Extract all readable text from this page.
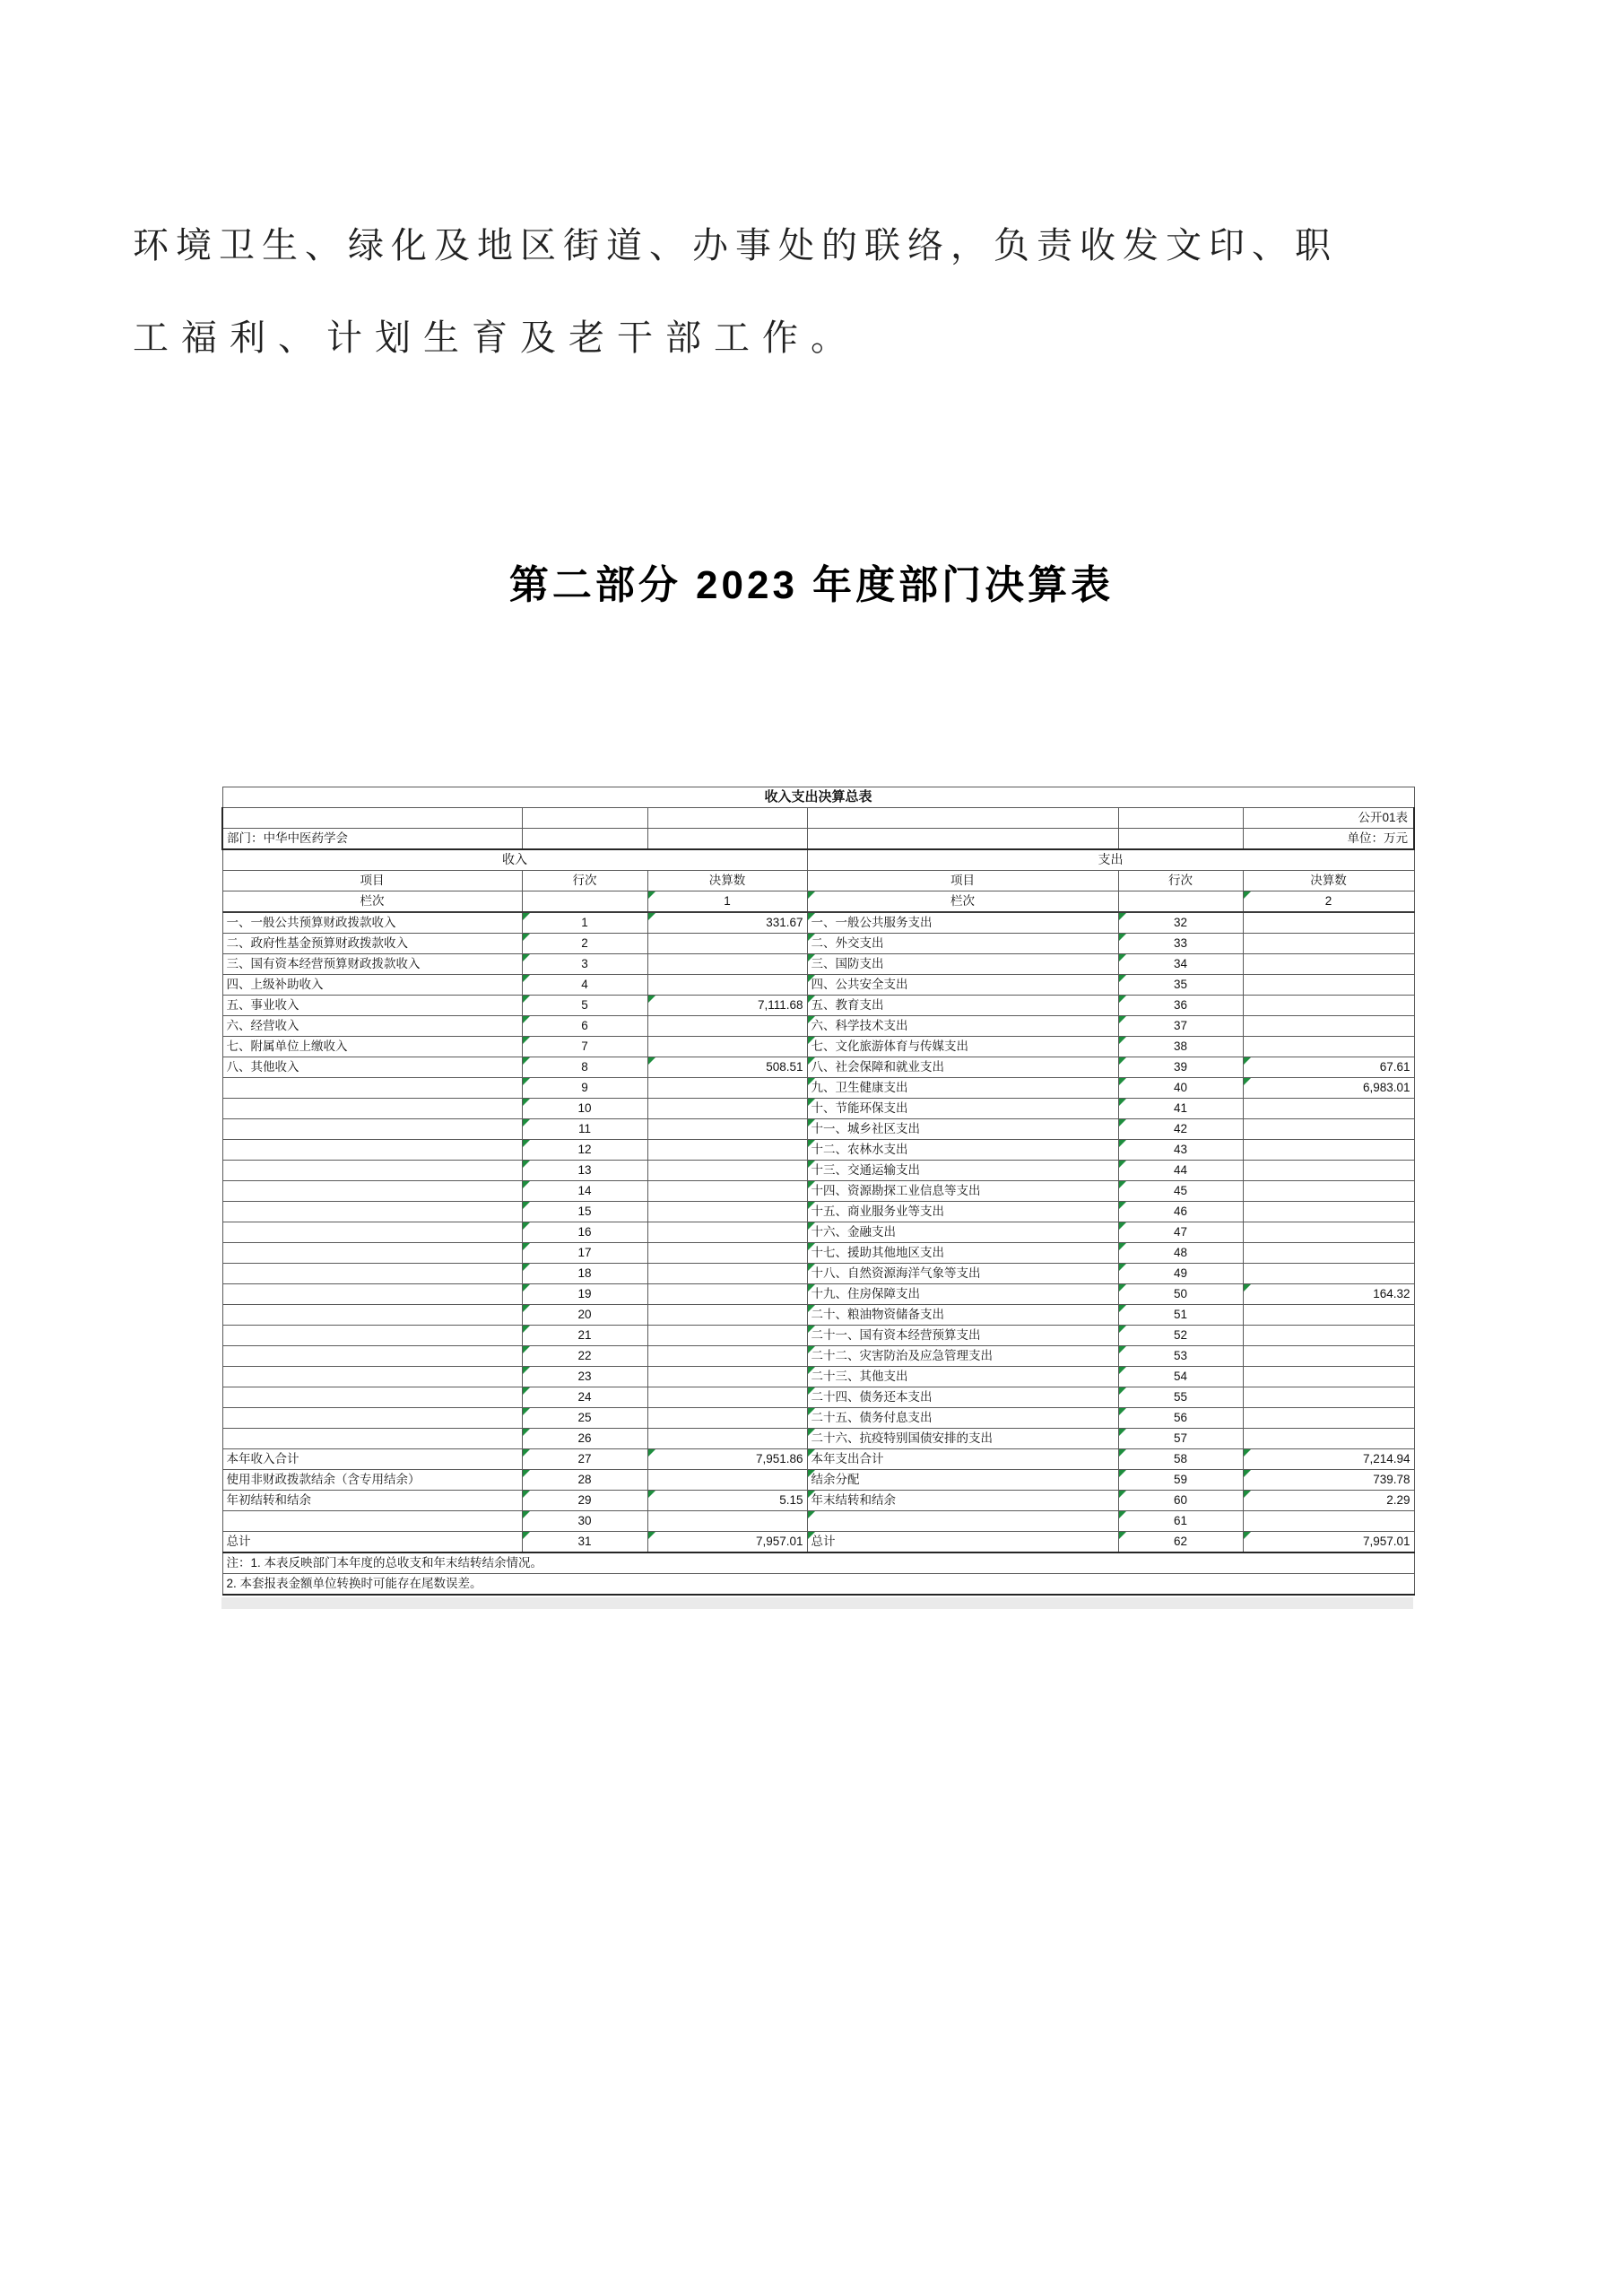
环境卫生、绿化及地区街道、办事处的联络，负责收发文印、职
工福利、计划生育及老干部工作。
第二部分 2023 年度部门决算表
收入支出决算总表					
					公开01表
部门：中华中医药学会					单位：万元
收入			支出		
项目	行次	决算数	项目	行次	决算数
栏次		1	栏次		2
一、一般公共预算财政拨款收入	1	331.67	一、一般公共服务支出	32	
二、政府性基金预算财政拨款收入	2		二、外交支出	33	
三、国有资本经营预算财政拨款收入	3		三、国防支出	34	
四、上级补助收入	4		四、公共安全支出	35	
五、事业收入	5	7,111.68	五、教育支出	36	
六、经营收入	6		六、科学技术支出	37	
七、附属单位上缴收入	7		七、文化旅游体育与传媒支出	38	
八、其他收入	8	508.51	八、社会保障和就业支出	39	67.61
	9		九、卫生健康支出	40	6,983.01
	10		十、节能环保支出	41	
	11		十一、城乡社区支出	42	
	12		十二、农林水支出	43	
	13		十三、交通运输支出	44	
	14		十四、资源勘探工业信息等支出	45	
	15		十五、商业服务业等支出	46	
	16		十六、金融支出	47	
	17		十七、援助其他地区支出	48	
	18		十八、自然资源海洋气象等支出	49	
	19		十九、住房保障支出	50	164.32
	20		二十、粮油物资储备支出	51	
	21		二十一、国有资本经营预算支出	52	
	22		二十二、灾害防治及应急管理支出	53	
	23		二十三、其他支出	54	
	24		二十四、债务还本支出	55	
	25		二十五、债务付息支出	56	
	26		二十六、抗疫特别国债安排的支出	57	
本年收入合计	27	7,951.86	本年支出合计	58	7,214.94
使用非财政拨款结余（含专用结余）	28		结余分配	59	739.78
年初结转和结余	29	5.15	年末结转和结余	60	2.29
	30			61	
总计	31	7,957.01	总计	62	7,957.01
注：1. 本表反映部门本年度的总收支和年末结转结余情况。					
2. 本套报表金额单位转换时可能存在尾数误差。					
